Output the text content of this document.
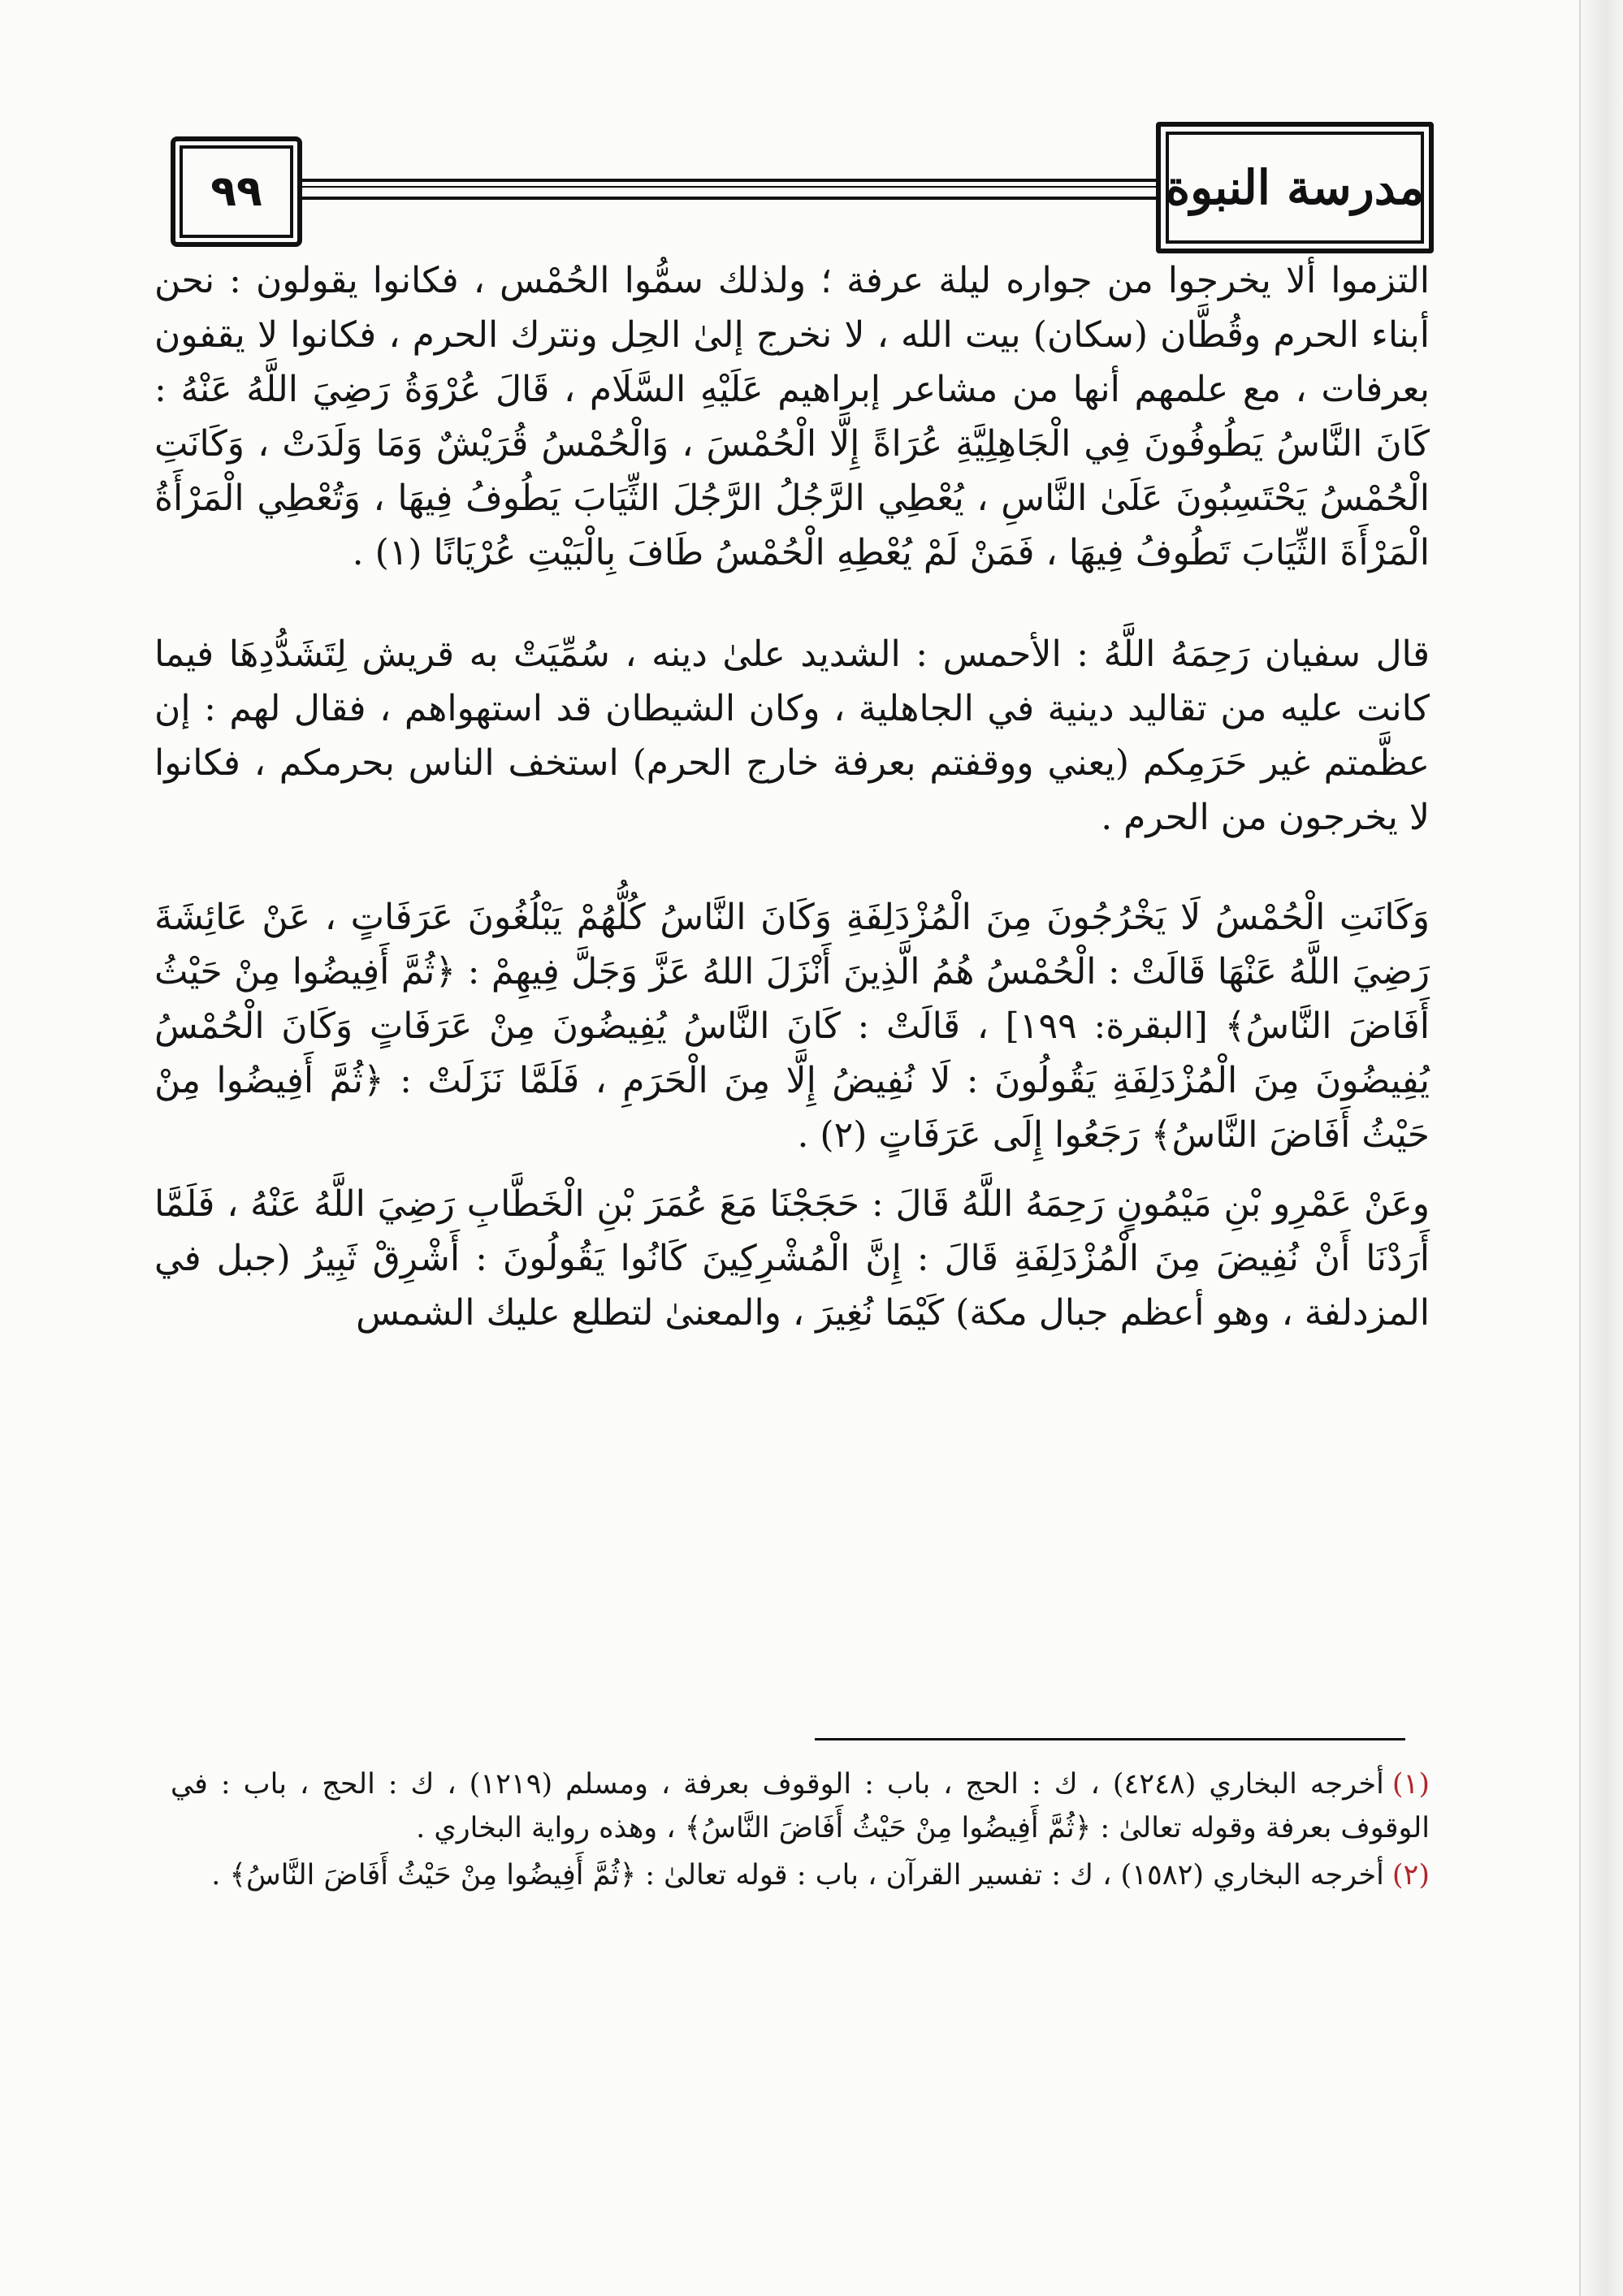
٩٩	مدرسة النبوة

التزموا ألا يخرجوا من جواره ليلة عرفة ؛ ولذلك سمُّوا الحُمْس ، فكانوا يقولون : نحن أبناء الحرم وقُطَّان (سكان) بيت الله ، لا نخرج إلىٰ الحِل ونترك الحرم ، فكانوا لا يقفون بعرفات ، مع علمهم أنها من مشاعر إبراهيم عَلَيْهِ السَّلَام ، قَالَ عُرْوَةُ رَضِيَ اللَّهُ عَنْهُ : كَانَ النَّاسُ يَطُوفُونَ فِي الْجَاهِلِيَّةِ عُرَاةً إِلَّا الْحُمْسَ ، وَالْحُمْسُ قُرَيْشٌ وَمَا وَلَدَتْ ، وَكَانَتِ الْحُمْسُ يَحْتَسِبُونَ عَلَىٰ النَّاسِ ، يُعْطِي الرَّجُلُ الرَّجُلَ الثِّيَابَ يَطُوفُ فِيهَا ، وَتُعْطِي الْمَرْأَةُ الْمَرْأَةَ الثِّيَابَ تَطُوفُ فِيهَا ، فَمَنْ لَمْ يُعْطِهِ الْحُمْسُ طَافَ بِالْبَيْتِ عُرْيَانًا (١) .

قال سفيان رَحِمَهُ اللَّهُ : الأحمس : الشديد علىٰ دينه ، سُمِّيَتْ به قريش لِتَشَدُّدِهَا فيما كانت عليه من تقاليد دينية في الجاهلية ، وكان الشيطان قد استهواهم ، فقال لهم : إن عظَّمتم غير حَرَمِكم (يعني ووقفتم بعرفة خارج الحرم) استخف الناس بحرمكم ، فكانوا لا يخرجون من الحرم .

وَكَانَتِ الْحُمْسُ لَا يَخْرُجُونَ مِنَ الْمُزْدَلِفَةِ وَكَانَ النَّاسُ كُلُّهُمْ يَبْلُغُونَ عَرَفَاتٍ ، عَنْ عَائِشَةَ رَضِيَ اللَّهُ عَنْهَا قَالَتْ : الْحُمْسُ هُمُ الَّذِينَ أَنْزَلَ اللهُ عَزَّ وَجَلَّ فِيهِمْ : ﴿ثُمَّ أَفِيضُوا مِنْ حَيْثُ أَفَاضَ النَّاسُ﴾ [البقرة: ١٩٩] ، قَالَتْ : كَانَ النَّاسُ يُفِيضُونَ مِنْ عَرَفَاتٍ وَكَانَ الْحُمْسُ يُفِيضُونَ مِنَ الْمُزْدَلِفَةِ يَقُولُونَ : لَا نُفِيضُ إِلَّا مِنَ الْحَرَمِ ، فَلَمَّا نَزَلَتْ : ﴿ثُمَّ أَفِيضُوا مِنْ حَيْثُ أَفَاضَ النَّاسُ﴾ رَجَعُوا إِلَى عَرَفَاتٍ (٢) .

وعَنْ عَمْرِو بْنِ مَيْمُونٍ رَحِمَهُ اللَّهُ قَالَ : حَجَجْنَا مَعَ عُمَرَ بْنِ الْخَطَّابِ رَضِيَ اللَّهُ عَنْهُ ، فَلَمَّا أَرَدْنَا أَنْ نُفِيضَ مِنَ الْمُزْدَلِفَةِ قَالَ : إِنَّ الْمُشْرِكِينَ كَانُوا يَقُولُونَ : أَشْرِقْ ثَبِيرُ (جبل في المزدلفة ، وهو أعظم جبال مكة) كَيْمَا نُغِيرَ ، والمعنىٰ لتطلع عليك الشمس

(١)أخرجه البخاري (٤٢٤٨) ، ك : الحج ، باب : الوقوف بعرفة ، ومسلم (١٢١٩) ، ك : الحج ، باب : في الوقوف بعرفة وقوله تعالىٰ : ﴿ثُمَّ أَفِيضُوا مِنْ حَيْثُ أَفَاضَ النَّاسُ﴾ ، وهذه رواية البخاري .

(٢)أخرجه البخاري (١٥٨٢) ، ك : تفسير القرآن ، باب : قوله تعالىٰ : ﴿ثُمَّ أَفِيضُوا مِنْ حَيْثُ أَفَاضَ النَّاسُ﴾ .
